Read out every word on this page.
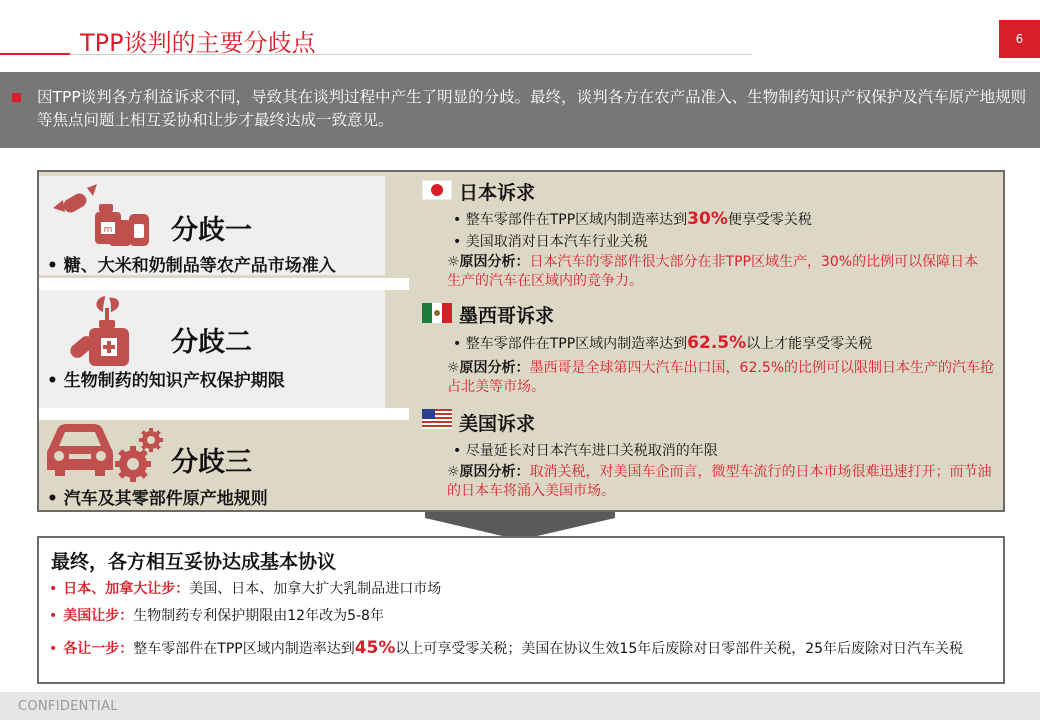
TPP谈判的主要分歧点	6
因TPP谈判各方利益诉求不同，导致其在谈判过程中产生了明显的分歧。最终，谈判各方在农产品准入、生物制药知识产权保护及汽车原产地规则等焦点问题上相互妥协和让步才最终达成一致意见。
m 分歧一
• 糖、大米和奶制品等农产品市场准入
分歧二
• 生物制药的知识产权保护期限
分歧三
• 汽车及其零部件原产地规则
日本诉求
• 整车零部件在TPP区域内制造率达到30%便享受零关税
• 美国取消对日本汽车行业关税
☼原因分析：日本汽车的零部件很大部分在非TPP区域生产，30%的比例可以保障日本生产的汽车在区域内的竞争力。
墨西哥诉求
• 整车零部件在TPP区域内制造率达到62.5%以上才能享受零关税
☼原因分析：墨西哥是全球第四大汽车出口国，62.5%的比例可以限制日本生产的汽车抢占北美等市场。
美国诉求
• 尽量延长对日本汽车进口关税取消的年限
☼原因分析：取消关税，对美国车企而言，微型车流行的日本市场很难迅速打开；而节油的日本车将涌入美国市场。
最终，各方相互妥协达成基本协议
• 日本、加拿大让步：美国、日本、加拿大扩大乳制品进口市场
• 美国让步：生物制药专利保护期限由12年改为5-8年
• 各让一步：整车零部件在TPP区域内制造率达到45%以上可享受零关税；美国在协议生效15年后废除对日零部件关税，25年后废除对日汽车关税
CONFIDENTIAL
